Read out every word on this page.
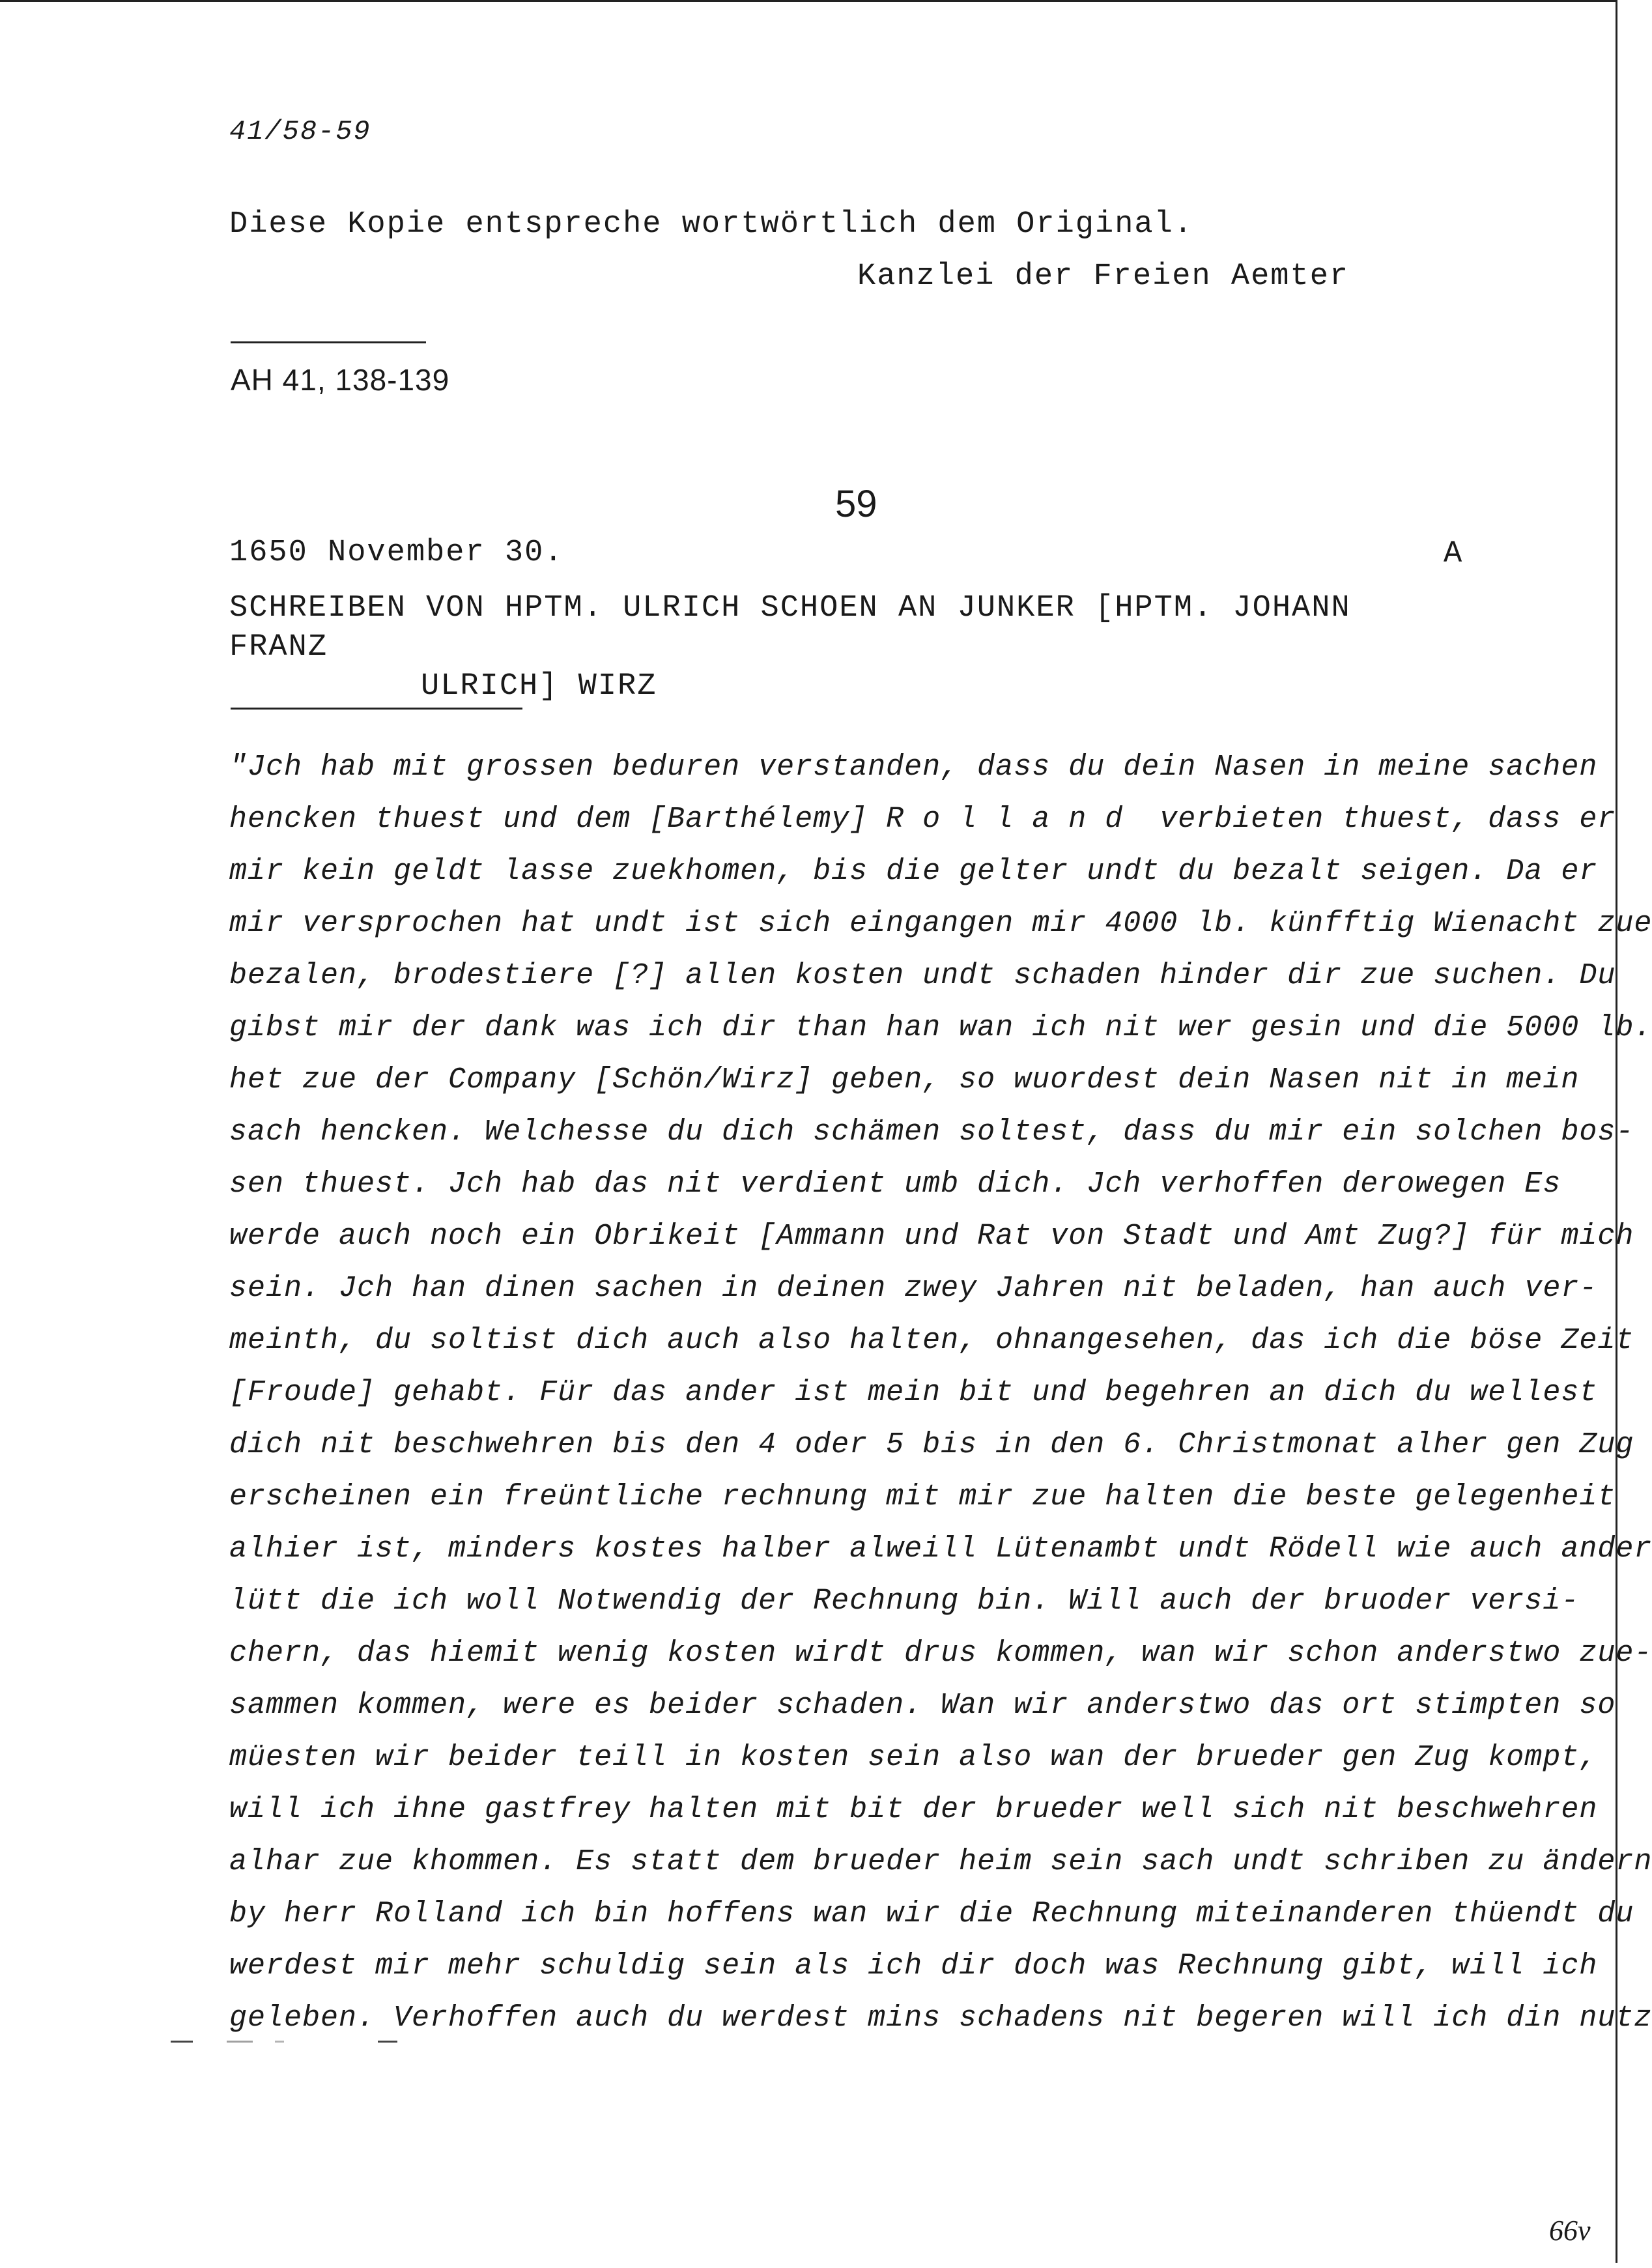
41/58-59
Diese Kopie entspreche wortwörtlich dem Original.
Kanzlei der Freien Aemter
AH 41, 138-139
59
1650 November 30.	A
SCHREIBEN VON HPTM. ULRICH SCHOEN AN JUNKER [HPTM. JOHANN FRANZ
ULRICH] WIRZ
"Jch hab mit grossen beduren verstanden, dass du dein Nasen in meine sachen
hencken thuest und dem [Barthélemy] R o l l a n d  verbieten thuest, dass er
mir kein geldt lasse zuekhomen, bis die gelter undt du bezalt seigen. Da er
mir versprochen hat undt ist sich eingangen mir 4000 lb. künfftig Wienacht zue
bezalen, brodestiere [?] allen kosten undt schaden hinder dir zue suchen. Du
gibst mir der dank was ich dir than han wan ich nit wer gesin und die 5000 lb.
het zue der Company [Schön/Wirz] geben, so wuordest dein Nasen nit in mein
sach hencken. Welchesse du dich schämen soltest, dass du mir ein solchen bos-
sen thuest. Jch hab das nit verdient umb dich. Jch verhoffen derowegen Es
werde auch noch ein Obrikeit [Ammann und Rat von Stadt und Amt Zug?] für mich
sein. Jch han dinen sachen in deinen zwey Jahren nit beladen, han auch ver-
meinth, du soltist dich auch also halten, ohnangesehen, das ich die böse Zeit
[Froude] gehabt. Für das ander ist mein bit und begehren an dich du wellest
dich nit beschwehren bis den 4 oder 5 bis in den 6. Christmonat alher gen Zug
erscheinen ein freüntliche rechnung mit mir zue halten die beste gelegenheit
alhier ist, minders kostes halber alweill Lütenambt undt Rödell wie auch ander
lütt die ich woll Notwendig der Rechnung bin. Will auch der bruoder versi-
chern, das hiemit wenig kosten wirdt drus kommen, wan wir schon anderstwo zue-
sammen kommen, were es beider schaden. Wan wir anderstwo das ort stimpten so
müesten wir beider teill in kosten sein also wan der brueder gen Zug kompt,
will ich ihne gastfrey halten mit bit der brueder well sich nit beschwehren
alhar zue khommen. Es statt dem brueder heim sein sach undt schriben zu ändern
by herr Rolland ich bin hoffens wan wir die Rechnung miteinanderen thüendt du
werdest mir mehr schuldig sein als ich dir doch was Rechnung gibt, will ich
geleben. Verhoffen auch du werdest mins schadens nit begeren will ich din nutz
66v
